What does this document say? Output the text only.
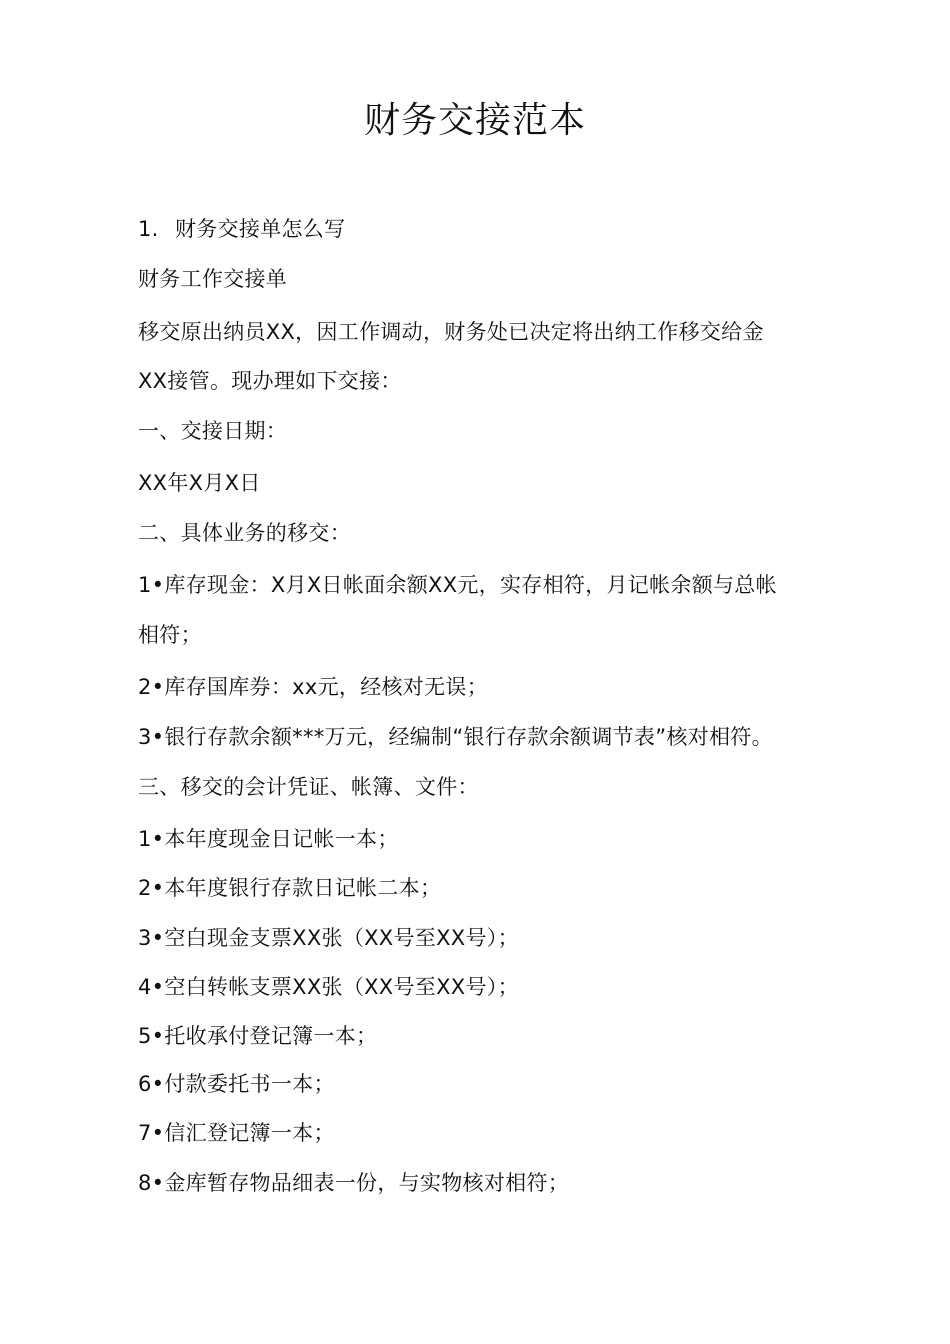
财务交接范本
1. 财务交接单怎么写
财务工作交接单
移交原出纳员XX，因工作调动，财务处已决定将出纳工作移交给金
XX接管。现办理如下交接：
一、交接日期：
XX年X月X日
二、具体业务的移交：
1•库存现金：X月X日帐面余额XX元，实存相符，月记帐余额与总帐
相符；
2•库存国库券：xx元，经核对无误；
3•银行存款余额***万元，经编制“银行存款余额调节表”核对相符。
三、移交的会计凭证、帐簿、文件：
1•本年度现金日记帐一本；
2•本年度银行存款日记帐二本；
3•空白现金支票XX张（XX号至XX号）；
4•空白转帐支票XX张（XX号至XX号）；
5•托收承付登记簿一本；
6•付款委托书一本；
7•信汇登记簿一本；
8•金库暂存物品细表一份，与实物核对相符；
